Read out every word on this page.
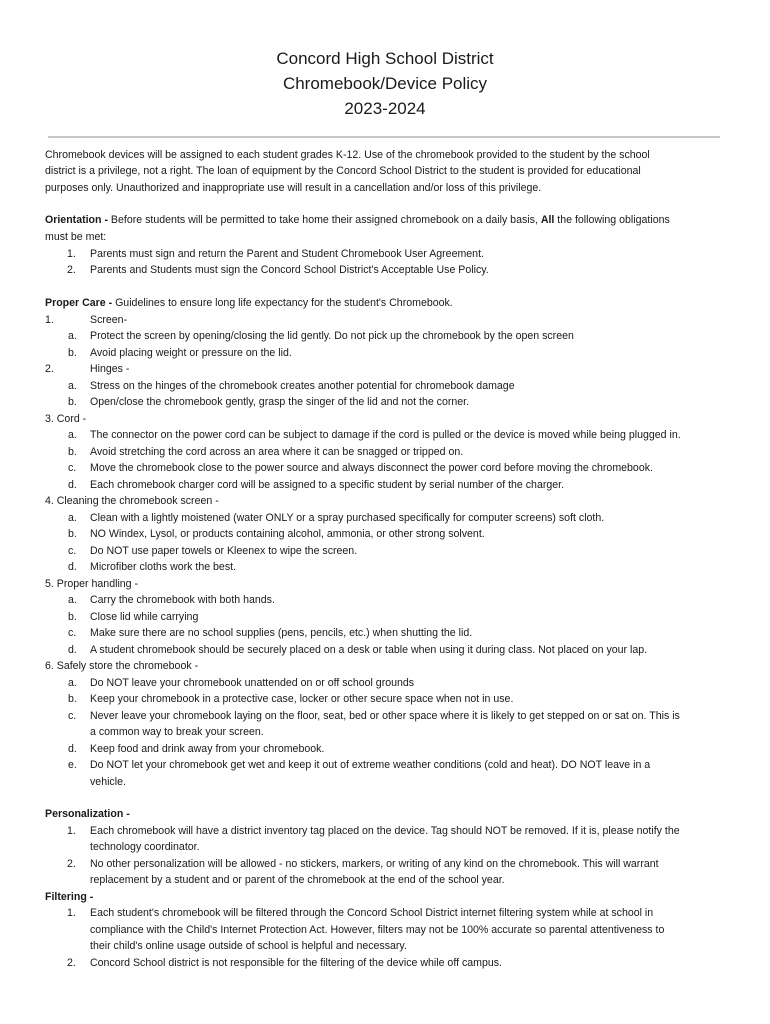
Concord High School District
Chromebook/Device Policy
2023-2024
Chromebook devices will be assigned to each student grades K-12. Use of the chromebook provided to the student by the school
district is a privilege, not a right. The loan of equipment by the Concord School District to the student is provided for educational
purposes only. Unauthorized and inappropriate use will result in a cancellation and/or loss of this privilege.
Orientation - Before students will be permitted to take home their assigned chromebook on a daily basis, All the following obligations
must be met:
1. Parents must sign and return the Parent and Student Chromebook User Agreement.
2. Parents and Students must sign the Concord School District's Acceptable Use Policy.
Proper Care - Guidelines to ensure long life expectancy for the student's Chromebook.
1.	Screen-
a. Protect the screen by opening/closing the lid gently. Do not pick up the chromebook by the open screen
b. Avoid placing weight or pressure on the lid.
2.	Hinges -
a. Stress on the hinges of the chromebook creates another potential for chromebook damage
b. Open/close the chromebook gently, grasp the singer of the lid and not the corner.
3. Cord -
a. The connector on the power cord can be subject to damage if the cord is pulled or the device is moved while being plugged in.
b. Avoid stretching the cord across an area where it can be snagged or tripped on.
c. Move the chromebook close to the power source and always disconnect the power cord before moving the chromebook.
d. Each chromebook charger cord will be assigned to a specific student by serial number of the charger.
4. Cleaning the chromebook screen -
a. Clean with a lightly moistened (water ONLY or a spray purchased specifically for computer screens) soft cloth.
b. NO Windex, Lysol, or products containing alcohol, ammonia, or other strong solvent.
c. Do NOT use paper towels or Kleenex to wipe the screen.
d. Microfiber cloths work the best.
5. Proper handling -
a. Carry the chromebook with both hands.
b. Close lid while carrying
c. Make sure there are no school supplies (pens, pencils, etc.) when shutting the lid.
d. A student chromebook should be securely placed on a desk or table when using it during class. Not placed on your lap.
6. Safely store the chromebook -
a. Do NOT leave your chromebook unattended on or off school grounds
b. Keep your chromebook in a protective case, locker or other secure space when not in use.
c. Never leave your chromebook laying on the floor, seat, bed or other space where it is likely to get stepped on or sat on. This is
a common way to break your screen.
d. Keep food and drink away from your chromebook.
e. Do NOT let your chromebook get wet and keep it out of extreme weather conditions (cold and heat). DO NOT leave in a
vehicle.
Personalization -
1. Each chromebook will have a district inventory tag placed on the device. Tag should NOT be removed. If it is, please notify the
technology coordinator.
2. No other personalization will be allowed - no stickers, markers, or writing of any kind on the chromebook. This will warrant
replacement by a student and or parent of the chromebook at the end of the school year.
Filtering -
1. Each student's chromebook will be filtered through the Concord School District internet filtering system while at school in
compliance with the Child's Internet Protection Act. However, filters may not be 100% accurate so parental attentiveness to
their child's online usage outside of school is helpful and necessary.
2. Concord School district is not responsible for the filtering of the device while off campus.
